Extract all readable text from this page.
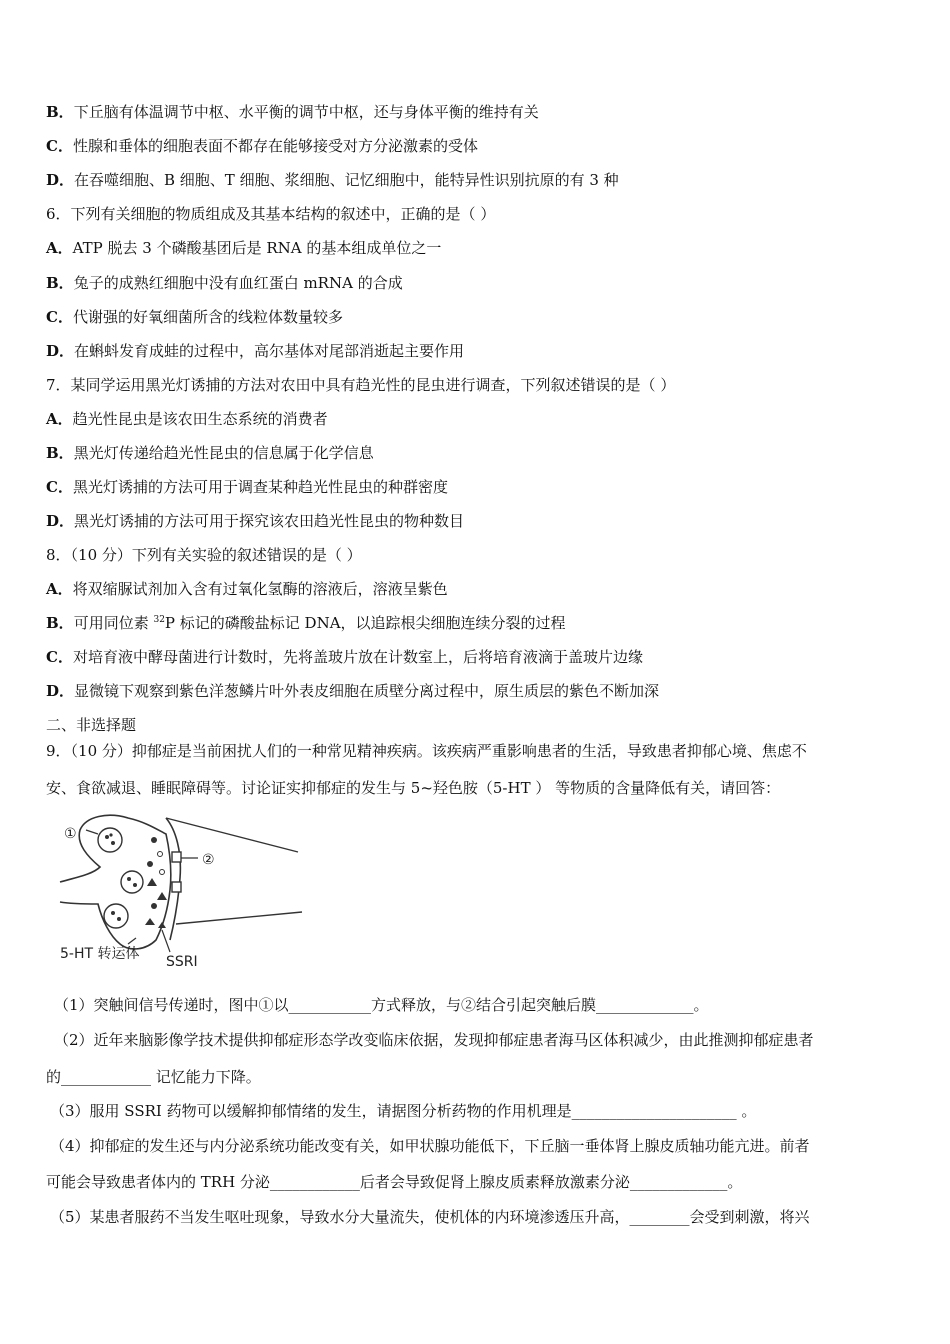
B．下丘脑有体温调节中枢、水平衡的调节中枢，还与身体平衡的维持有关
C．性腺和垂体的细胞表面不都存在能够接受对方分泌激素的受体
D．在吞噬细胞、B 细胞、T 细胞、浆细胞、记忆细胞中，能特异性识别抗原的有 3 种
6．下列有关细胞的物质组成及其基本结构的叙述中，正确的是（ ）
A．ATP 脱去 3 个磷酸基团后是 RNA 的基本组成单位之一
B．兔子的成熟红细胞中没有血红蛋白 mRNA 的合成
C．代谢强的好氧细菌所含的线粒体数量较多
D．在蝌蚪发育成蛙的过程中，高尔基体对尾部消逝起主要作用
7．某同学运用黑光灯诱捕的方法对农田中具有趋光性的昆虫进行调查，下列叙述错误的是（ ）
A．趋光性昆虫是该农田生态系统的消费者
B．黑光灯传递给趋光性昆虫的信息属于化学信息
C．黑光灯诱捕的方法可用于调查某种趋光性昆虫的种群密度
D．黑光灯诱捕的方法可用于探究该农田趋光性昆虫的物种数目
8．（10 分）下列有关实验的叙述错误的是（ ）
A．将双缩脲试剂加入含有过氧化氢酶的溶液后，溶液呈紫色
B．可用同位素 $^{32}$P 标记的磷酸盐标记 DNA，以追踪根尖细胞连续分裂的过程
C．对培育液中酵母菌进行计数时，先将盖玻片放在计数室上，后将培育液滴于盖玻片边缘
D．显微镜下观察到紫色洋葱鳞片叶外表皮细胞在质壁分离过程中，原生质层的紫色不断加深
二、非选择题
9．（10 分）抑郁症是当前困扰人们的一种常见精神疾病。该疾病严重影响患者的生活，导致患者抑郁心境、焦虑不
安、食欲减退、睡眠障碍等。讨论证实抑郁症的发生与 5~羟色胺（5-HT ） 等物质的含量降低有关，请回答：
①
②
5-HT 转运体 SSRI
（1）突触间信号传递时，图中①以___________方式释放，与②结合引起突触后膜_____________。
（2）近年来脑影像学技术提供抑郁症形态学改变临床依据，发现抑郁症患者海马区体积减少，由此推测抑郁症患者
的____________ 记忆能力下降。
（3）服用 SSRI 药物可以缓解抑郁情绪的发生，请据图分析药物的作用机理是______________________ 。
（4）抑郁症的发生还与内分泌系统功能改变有关，如甲状腺功能低下，下丘脑一垂体肾上腺皮质轴功能亢进。前者
可能会导致患者体内的 TRH 分泌____________后者会导致促肾上腺皮质素释放激素分泌_____________。
（5）某患者服药不当发生呕吐现象，导致水分大量流失，使机体的内环境渗透压升高，________会受到刺激，将兴
